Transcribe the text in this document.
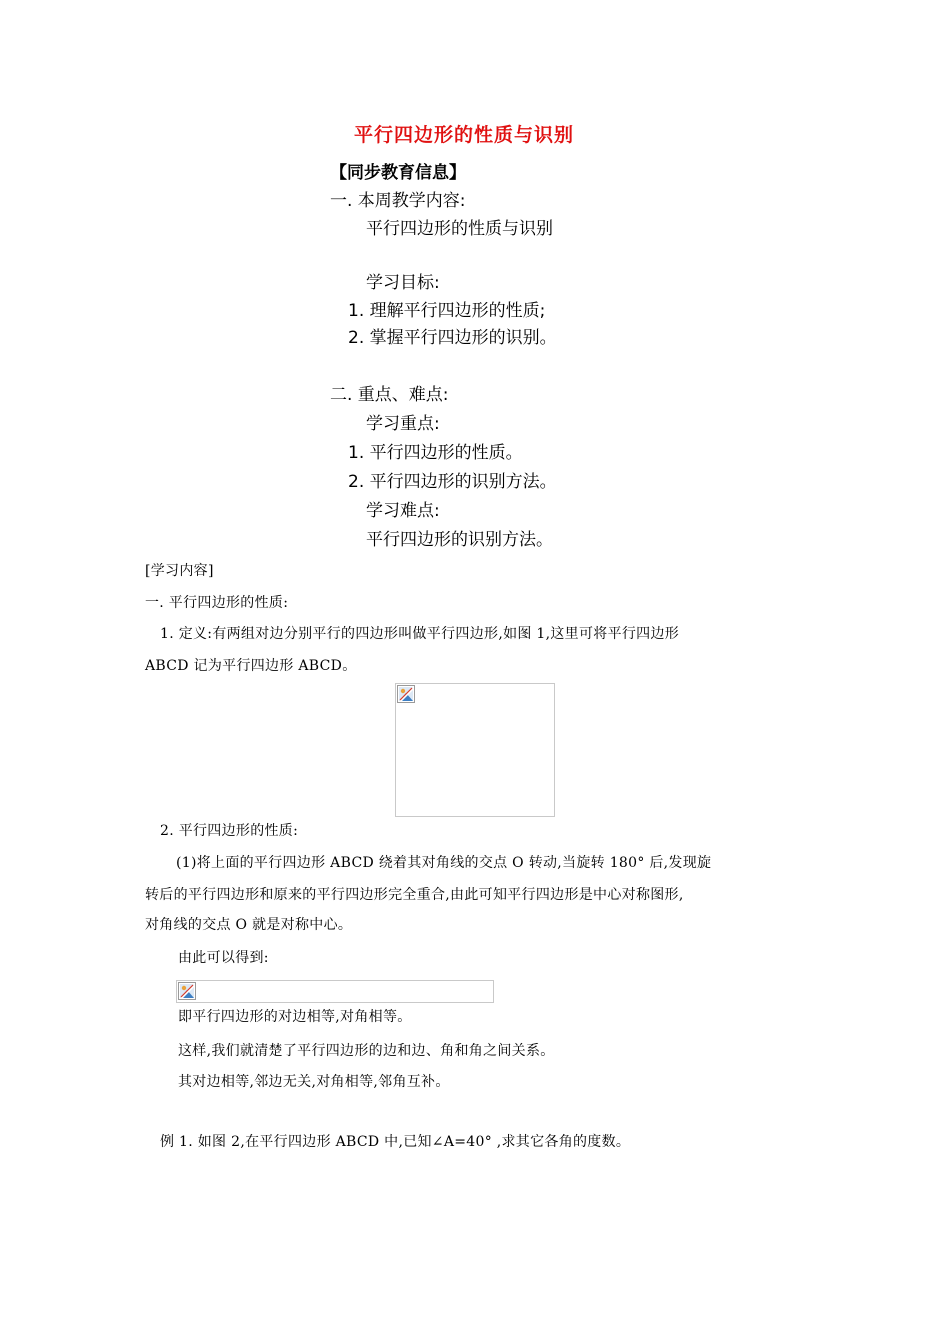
平行四边形的性质与识别
【同步教育信息】
一. 本周教学内容:
平行四边形的性质与识别
学习目标:
1. 理解平行四边形的性质;
2. 掌握平行四边形的识别。
二. 重点、难点:
学习重点:
1. 平行四边形的性质。
2. 平行四边形的识别方法。
学习难点:
平行四边形的识别方法。
[学习内容]
一. 平行四边形的性质:
1. 定义:有两组对边分别平行的四边形叫做平行四边形,如图 1,这里可将平行四边形
ABCD 记为平行四边形 ABCD。
2. 平行四边形的性质:
(1)将上面的平行四边形 ABCD 绕着其对角线的交点 O 转动,当旋转 180° 后,发现旋
转后的平行四边形和原来的平行四边形完全重合,由此可知平行四边形是中心对称图形,
对角线的交点 O 就是对称中心。
由此可以得到:
即平行四边形的对边相等,对角相等。
这样,我们就清楚了平行四边形的边和边、角和角之间关系。
其对边相等,邻边无关,对角相等,邻角互补。
例 1. 如图 2,在平行四边形 ABCD 中,已知∠A=40° ,求其它各角的度数。
